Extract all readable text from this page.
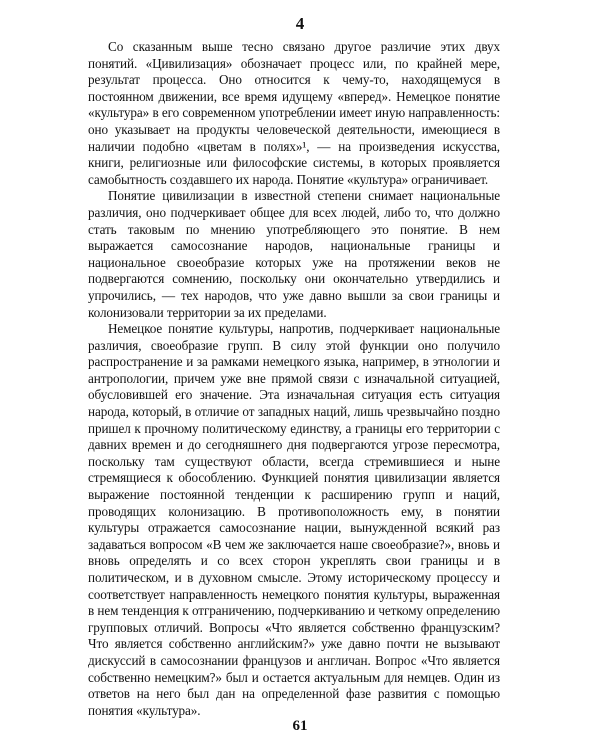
4

Со сказанным выше тесно связано другое различие этих двух понятий. «Цивилизация» обозначает процесс или, по крайней мере, результат процесса. Оно относится к чему-то, находящемуся в постоянном движении, все время идущему «вперед». Немецкое понятие «культура» в его современном употреблении имеет иную направленность: оно указывает на продукты человеческой деятельности, имеющиеся в наличии подобно «цветам в полях»¹, — на произведения искусства, книги, религиозные или философские системы, в которых проявляется самобытность создавшего их народа. Понятие «культура» ограничивает.

Понятие цивилизации в известной степени снимает национальные различия, оно подчеркивает общее для всех людей, либо то, что должно стать таковым по мнению употребляющего это понятие. В нем выражается самосознание народов, национальные границы и национальное своеобразие которых уже на протяжении веков не подвергаются сомнению, поскольку они окончательно утвердились и упрочились, — тех народов, что уже давно вышли за свои границы и колонизовали территории за их пределами.

Немецкое понятие культуры, напротив, подчеркивает национальные различия, своеобразие групп. В силу этой функции оно получило распространение и за рамками немецкого языка, например, в этнологии и антропологии, причем уже вне прямой связи с изначальной ситуацией, обусловившей его значение. Эта изначальная ситуация есть ситуация народа, который, в отличие от западных наций, лишь чрезвычайно поздно пришел к прочному политическому единству, а границы его территории с давних времен и до сегодняшнего дня подвергаются угрозе пересмотра, поскольку там существуют области, всегда стремившиеся и ныне стремящиеся к обособлению. Функцией понятия цивилизации является выражение постоянной тенденции к расширению групп и наций, проводящих колонизацию. В противоположность ему, в понятии культуры отражается самосознание нации, вынужденной всякий раз задаваться вопросом «В чем же заключается наше своеобразие?», вновь и вновь определять и со всех сторон укреплять свои границы и в политическом, и в духовном смысле. Этому историческому процессу и соответствует направленность немецкого понятия культуры, выраженная в нем тенденция к отграничению, подчеркиванию и четкому определению групповых отличий. Вопросы «Что является собственно французским? Что является собственно английским?» уже давно почти не вызывают дискуссий в самосознании французов и англичан. Вопрос «Что является собственно немецким?» был и остается актуальным для немцев. Один из ответов на него был дан на определенной фазе развития с помощью понятия «культура».

61
